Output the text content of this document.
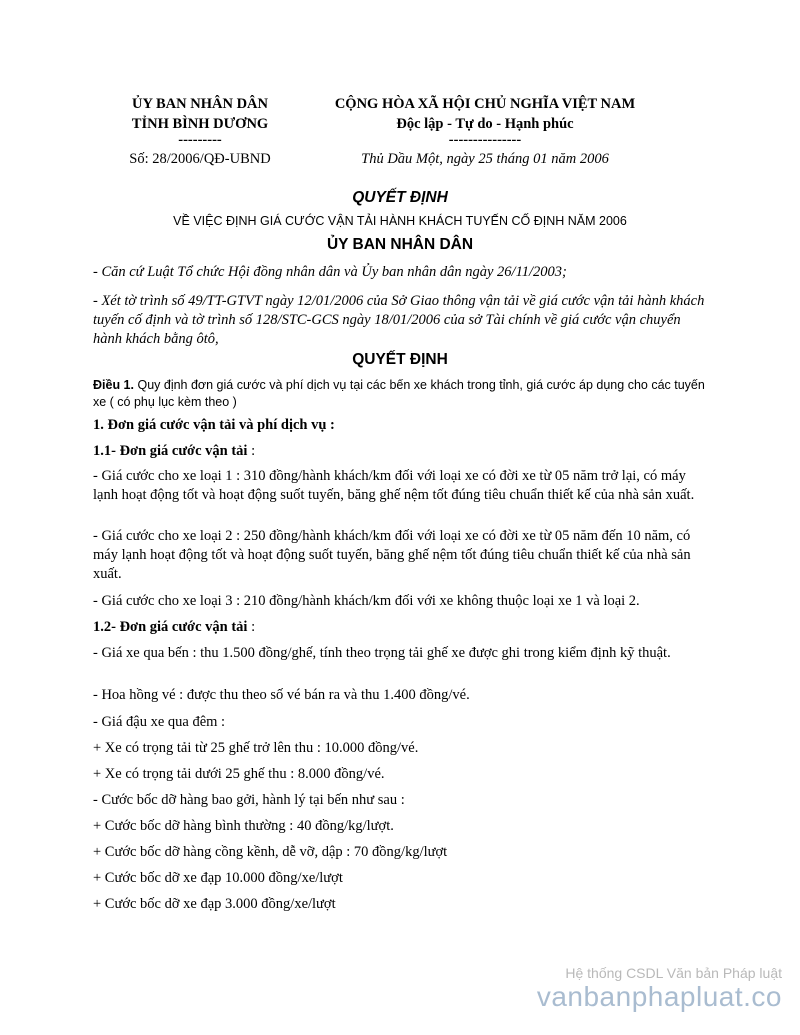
ỦY BAN NHÂN DÂN
TỈNH BÌNH DƯƠNG
---------
CỘNG HÒA XÃ HỘI CHỦ NGHĨA VIỆT NAM
Độc lập - Tự do - Hạnh phúc
---------------
Số: 28/2006/QĐ-UBND	Thủ Dầu Một, ngày 25 tháng 01 năm 2006
QUYẾT ĐỊNH
VỀ VIỆC ĐỊNH GIÁ CƯỚC VẬN TẢI HÀNH KHÁCH TUYẾN CỐ ĐỊNH NĂM 2006
ỦY BAN NHÂN DÂN
- Căn cứ Luật Tổ chức Hội đồng nhân dân và Ủy ban nhân dân ngày 26/11/2003;
- Xét tờ trình số 49/TT-GTVT ngày 12/01/2006 của Sở Giao thông vận tải về giá cước vận tải hành khách tuyến cố định và tờ trình số 128/STC-GCS ngày 18/01/2006 của sở Tài chính về giá cước vận chuyển hành khách bằng ôtô,
QUYẾT ĐỊNH
Điều 1. Quy định đơn giá cước và phí dịch vụ tại các bến xe khách trong tỉnh, giá cước áp dụng cho các tuyến xe ( có phụ lục kèm theo )
1. Đơn giá cước vận tải và phí dịch vụ :
1.1- Đơn giá cước vận tải :
- Giá cước cho xe loại 1 : 310 đồng/hành khách/km đối với loại xe có đời xe từ 05 năm trở lại, có máy lạnh hoạt động tốt và hoạt động suốt tuyến, băng ghế nệm tốt đúng tiêu chuẩn thiết kế của nhà sản xuất.
- Giá cước cho xe loại 2 : 250 đồng/hành khách/km đối với loại xe có đời xe từ 05 năm đến 10 năm, có máy lạnh hoạt động tốt và hoạt động suốt tuyến, băng ghế nệm tốt đúng tiêu chuẩn thiết kế của nhà sản xuất.
- Giá cước cho xe loại 3 : 210 đồng/hành khách/km đối với xe không thuộc loại xe 1 và loại 2.
1.2- Đơn giá cước vận tải :
- Giá xe qua bến : thu 1.500 đồng/ghế, tính theo trọng tải ghế xe được ghi trong kiểm định kỹ thuật.
- Hoa hồng vé : được thu theo số vé bán ra và thu 1.400 đồng/vé.
- Giá đậu xe qua đêm :
+ Xe có trọng tải từ 25 ghế trở lên thu : 10.000 đồng/vé.
+ Xe có trọng tải dưới 25 ghế thu : 8.000 đồng/vé.
- Cước bốc dỡ hàng bao gởi, hành lý tại bến như sau :
+ Cước bốc dỡ hàng bình thường : 40 đồng/kg/lượt.
+ Cước bốc dỡ hàng cồng kềnh, dễ vỡ, dập : 70 đồng/kg/lượt
+ Cước bốc dỡ xe đạp 10.000 đồng/xe/lượt
+ Cước bốc dỡ xe đạp 3.000 đồng/xe/lượt
Hệ thống CSDL Văn bản Pháp luật
vanbanphapluat.co
